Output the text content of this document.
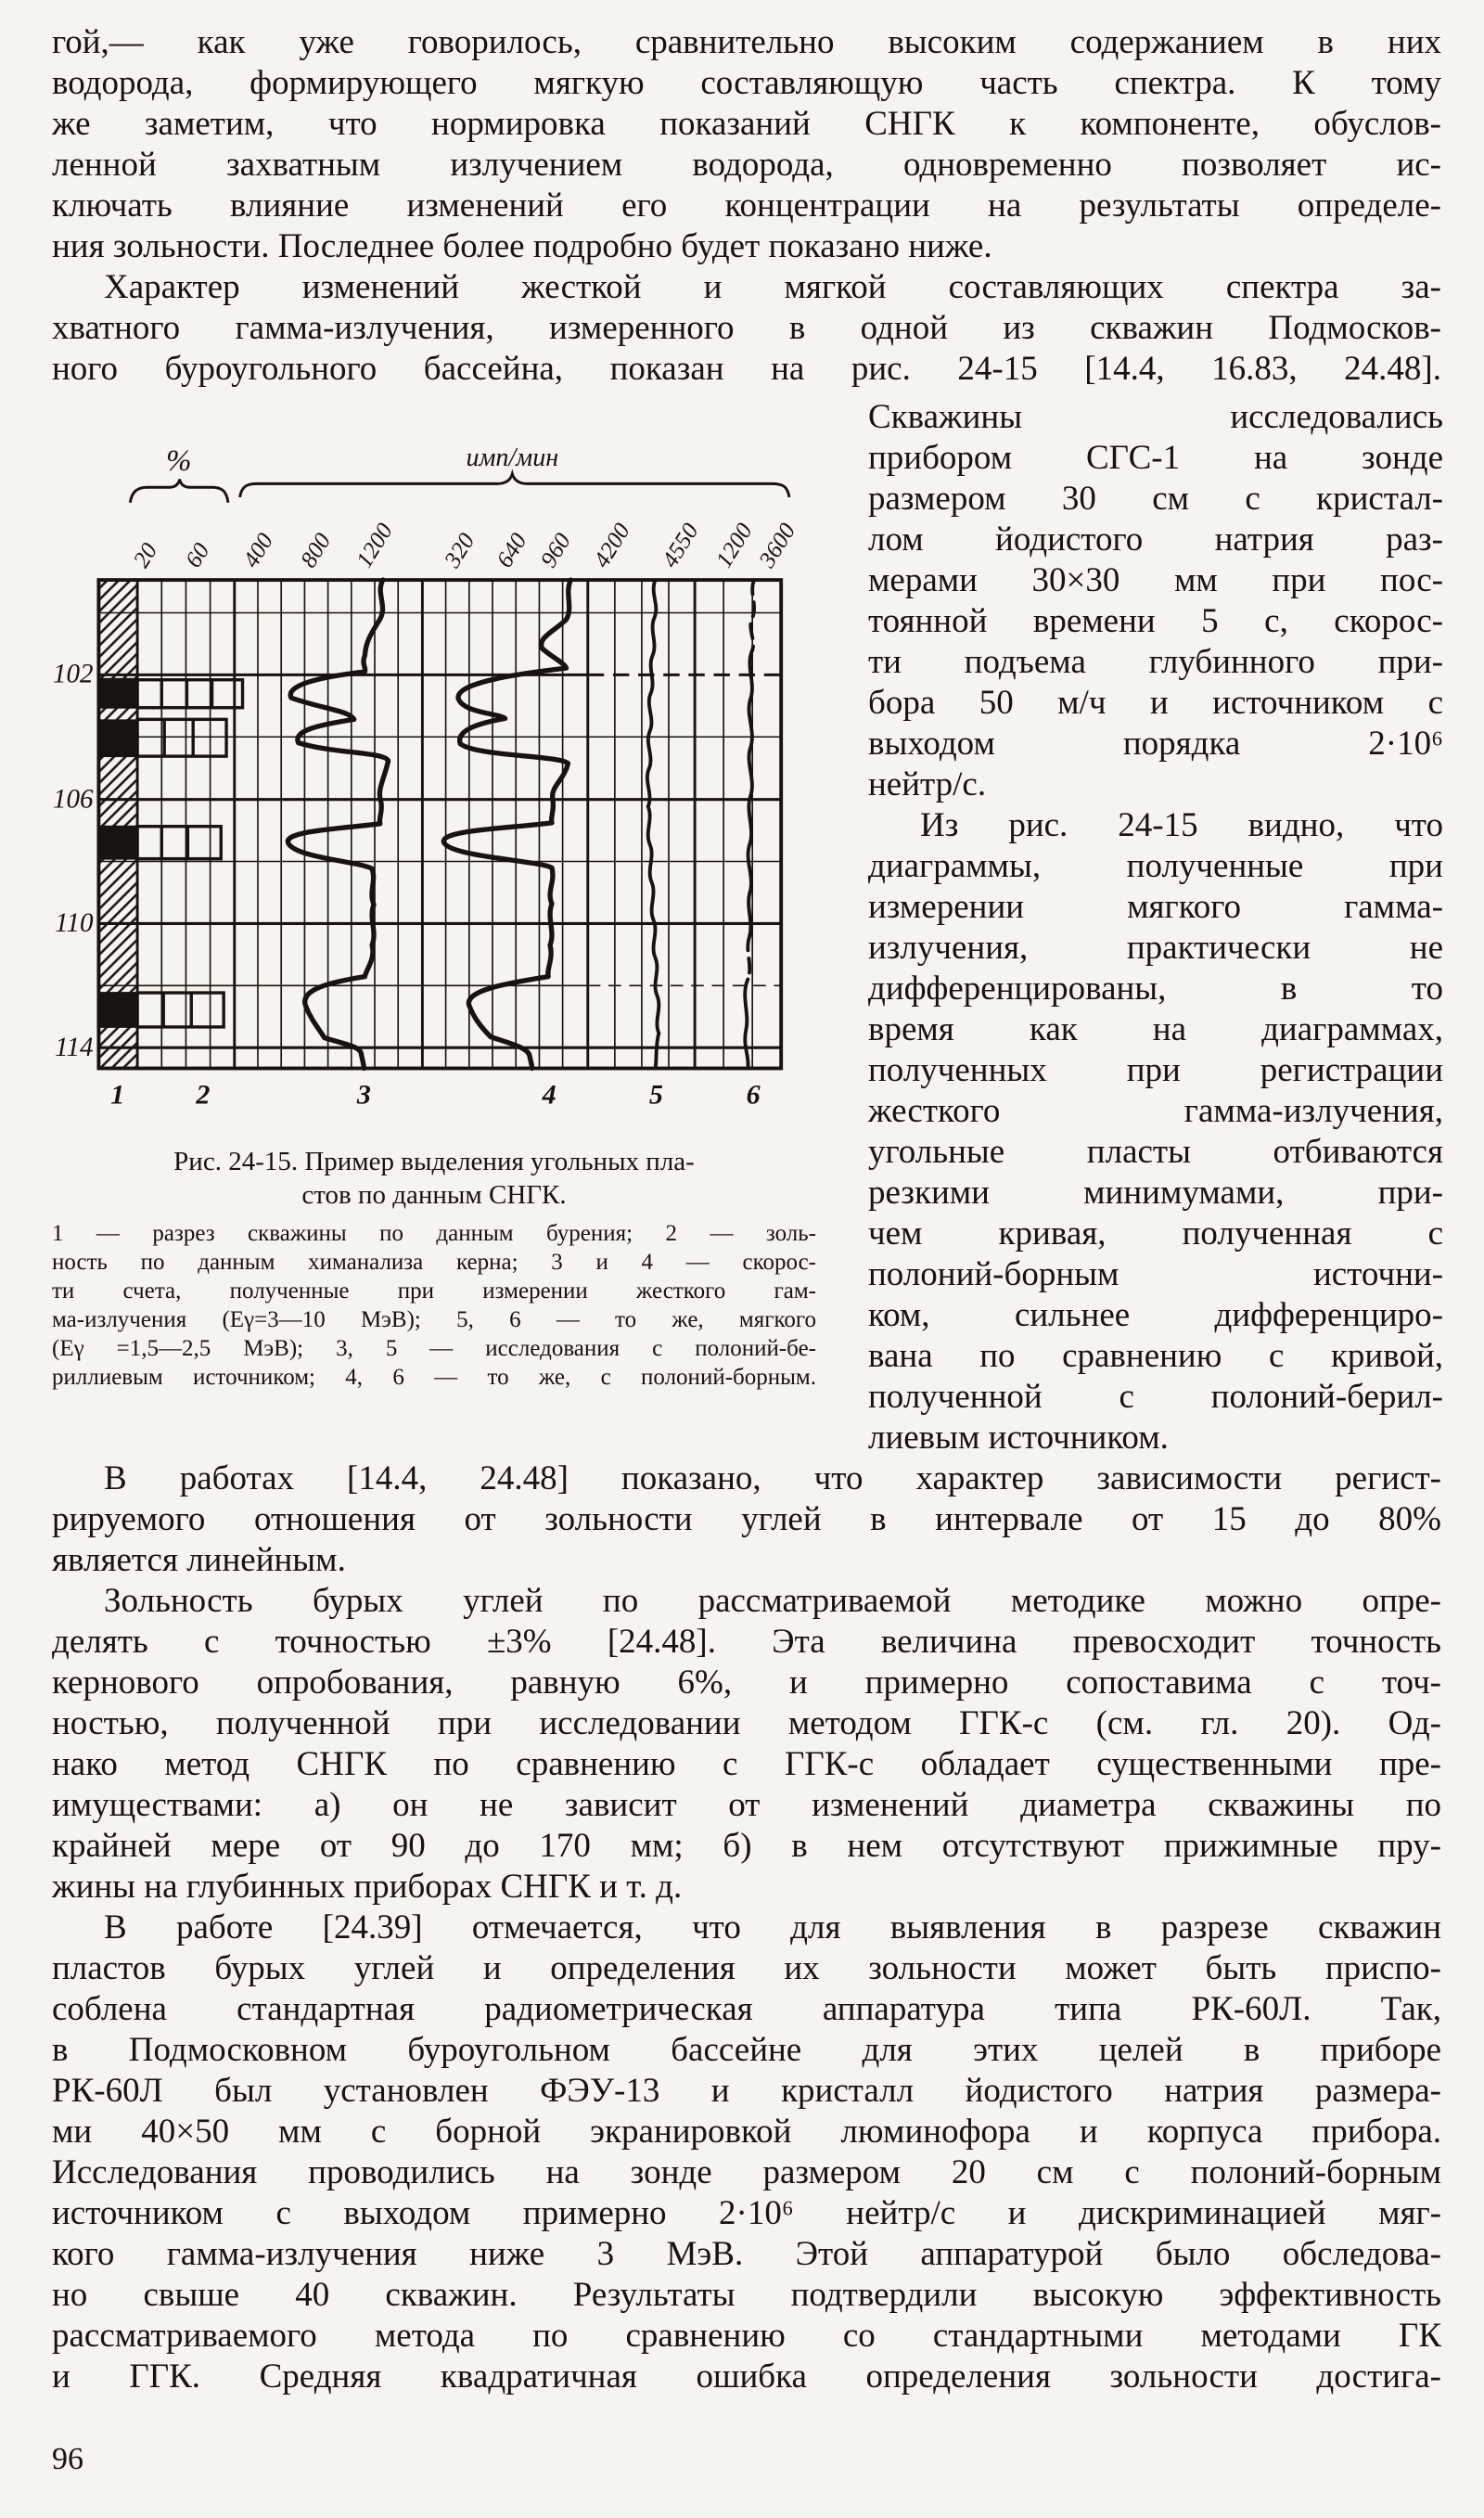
гой,— как уже говорилось, сравнительно высоким содержанием в них
водорода, формирующего мягкую составляющую часть спектра. К тому
же заметим, что нормировка показаний СНГК к компоненте, обуслов-
ленной захватным излучением водорода, одновременно позволяет ис-
ключать влияние изменений его концентрации на результаты определе-
ния зольности. Последнее более подробно будет показано ниже.
Характер изменений жесткой и мягкой составляющих спектра за-
хватного гамма-излучения, измеренного в одной из скважин Подмосков-
ного буроугольного бассейна, показан на рис. 24-15 [14.4, 16.83, 24.48].
%	имп/мин
20 60 400 800 1200 320 640 960 4200 4550 1200
3600
102
106
110
114
1 2	3	4	5	6
Рис. 24-15. Пример выделения угольных пла-
стов по данным СНГК.
1 — разрез скважины по данным бурения; 2 — золь-
ность по данным химанализа керна; 3 и 4 — скорос-
ти счета, полученные при измерении жесткого гам-
ма-излучения (Eγ=3—10 МэВ); 5, 6 — то же, мягкого
(Eγ =1,5—2,5 МэВ); 3, 5 — исследования с полоний-бе-
риллиевым источником; 4, 6 — то же, с полоний-борным.
Скважины исследовались
прибором СГС-1 на зонде
размером 30 см с кристал-
лом йодистого натрия раз-
мерами 30×30 мм при пос-
тоянной времени 5 с, скорос-
ти подъема глубинного при-
бора 50 м/ч и источником с
выходом порядка 2·10⁶
нейтр/с.
Из рис. 24-15 видно, что
диаграммы, полученные при
измерении мягкого гамма-
излучения, практически не
дифференцированы, в то
время как на диаграммах,
полученных при регистрации
жесткого гамма-излучения,
угольные пласты отбиваются
резкими минимумами, при-
чем кривая, полученная с
полоний-борным источни-
ком, сильнее дифференциро-
вана по сравнению с кривой,
полученной с полоний-берил-
лиевым источником.
В работах [14.4, 24.48] показано, что характер зависимости регист-
рируемого отношения от зольности углей в интервале от 15 до 80%
является линейным.
Зольность бурых углей по рассматриваемой методике можно опре-
делять с точностью ±3% [24.48]. Эта величина превосходит точность
кернового опробования, равную 6%, и примерно сопоставима с точ-
ностью, полученной при исследовании методом ГГК-с (см. гл. 20). Од-
нако метод СНГК по сравнению с ГГК-с обладает существенными пре-
имуществами: а) он не зависит от изменений диаметра скважины по
крайней мере от 90 до 170 мм; б) в нем отсутствуют прижимные пру-
жины на глубинных приборах СНГК и т. д.
В работе [24.39] отмечается, что для выявления в разрезе скважин
пластов бурых углей и определения их зольности может быть приспо-
соблена стандартная радиометрическая аппаратура типа РК-60Л. Так,
в Подмосковном буроугольном бассейне для этих целей в приборе
РК-60Л был установлен ФЭУ-13 и кристалл йодистого натрия размера-
ми 40×50 мм с борной экранировкой люминофора и корпуса прибора.
Исследования проводились на зонде размером 20 см с полоний-борным
источником с выходом примерно 2·10⁶ нейтр/с и дискриминацией мяг-
кого гамма-излучения ниже 3 МэВ. Этой аппаратурой было обследова-
но свыше 40 скважин. Результаты подтвердили высокую эффективность
рассматриваемого метода по сравнению со стандартными методами ГК
и ГГК. Средняя квадратичная ошибка определения зольности достига-
96
